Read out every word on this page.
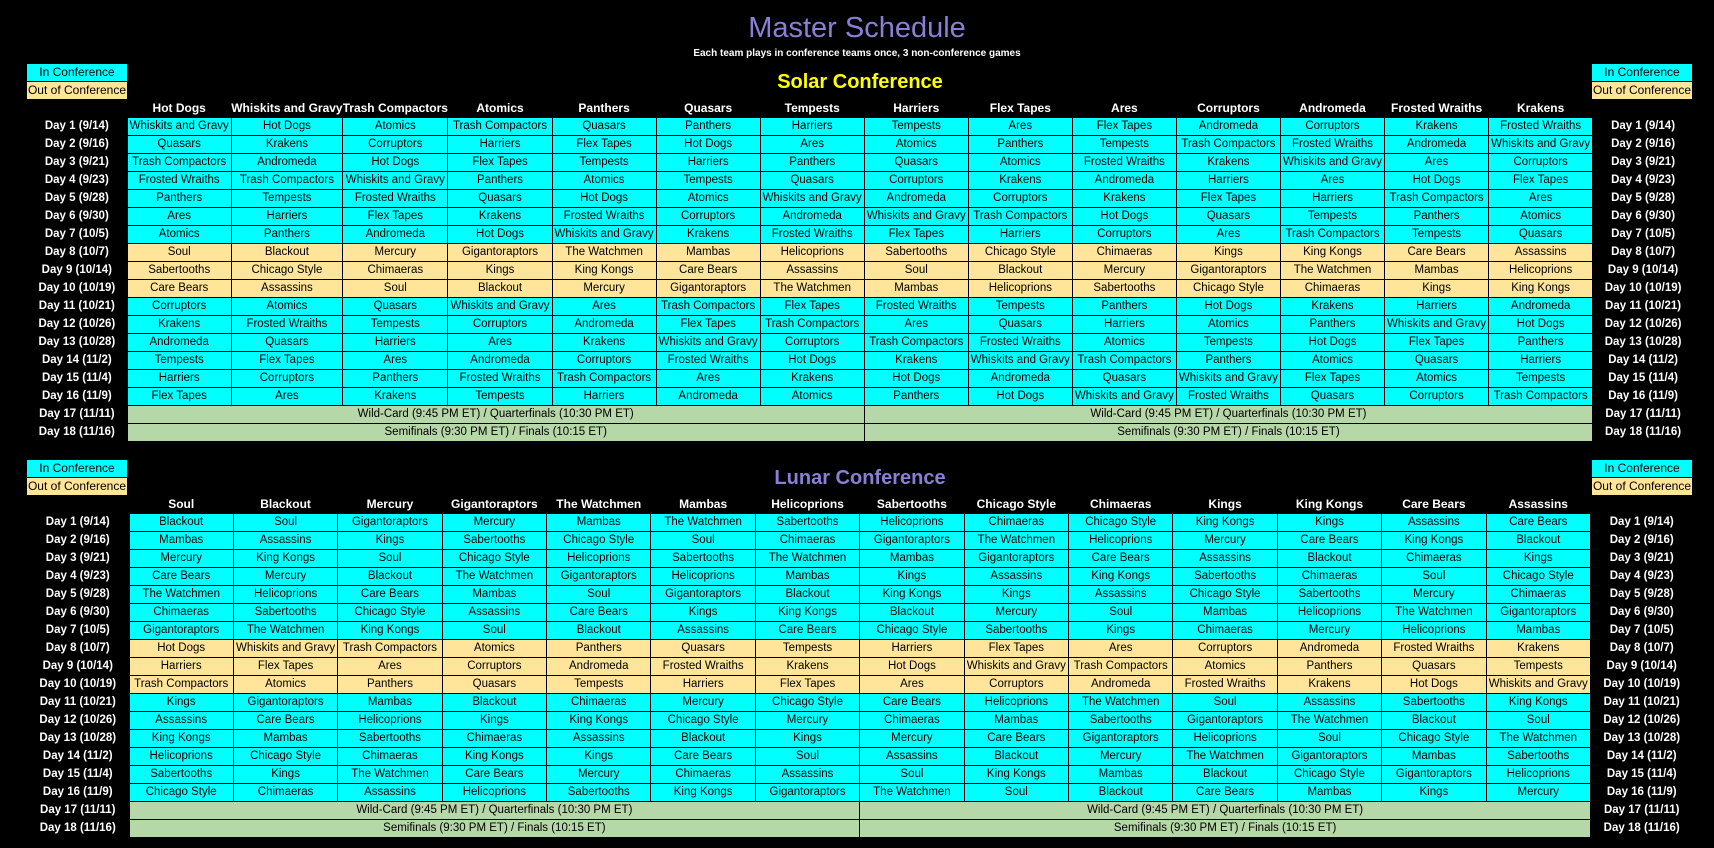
Master Schedule
Each team plays in conference teams once, 3 non-conference games
In Conference
Out of Conference
In Conference
Out of Conference
Solar Conference
	Hot Dogs	Whiskits and Gravy	Trash Compactors	Atomics	Panthers	Quasars	Tempests	Harriers	Flex Tapes	Ares	Corruptors	Andromeda	Frosted Wraiths	Krakens	
Day 1 (9/14)	Whiskits and Gravy	Hot Dogs	Atomics	Trash Compactors	Quasars	Panthers	Harriers	Tempests	Ares	Flex Tapes	Andromeda	Corruptors	Krakens	Frosted Wraiths	Day 1 (9/14)
Day 2 (9/16)	Quasars	Krakens	Corruptors	Harriers	Flex Tapes	Hot Dogs	Ares	Atomics	Panthers	Tempests	Trash Compactors	Frosted Wraiths	Andromeda	Whiskits and Gravy	Day 2 (9/16)
Day 3 (9/21)	Trash Compactors	Andromeda	Hot Dogs	Flex Tapes	Tempests	Harriers	Panthers	Quasars	Atomics	Frosted Wraiths	Krakens	Whiskits and Gravy	Ares	Corruptors	Day 3 (9/21)
Day 4 (9/23)	Frosted Wraiths	Trash Compactors	Whiskits and Gravy	Panthers	Atomics	Tempests	Quasars	Corruptors	Krakens	Andromeda	Harriers	Ares	Hot Dogs	Flex Tapes	Day 4 (9/23)
Day 5 (9/28)	Panthers	Tempests	Frosted Wraiths	Quasars	Hot Dogs	Atomics	Whiskits and Gravy	Andromeda	Corruptors	Krakens	Flex Tapes	Harriers	Trash Compactors	Ares	Day 5 (9/28)
Day 6 (9/30)	Ares	Harriers	Flex Tapes	Krakens	Frosted Wraiths	Corruptors	Andromeda	Whiskits and Gravy	Trash Compactors	Hot Dogs	Quasars	Tempests	Panthers	Atomics	Day 6 (9/30)
Day 7 (10/5)	Atomics	Panthers	Andromeda	Hot Dogs	Whiskits and Gravy	Krakens	Frosted Wraiths	Flex Tapes	Harriers	Corruptors	Ares	Trash Compactors	Tempests	Quasars	Day 7 (10/5)
Day 8 (10/7)	Soul	Blackout	Mercury	Gigantoraptors	The Watchmen	Mambas	Helicoprions	Sabertooths	Chicago Style	Chimaeras	Kings	King Kongs	Care Bears	Assassins	Day 8 (10/7)
Day 9 (10/14)	Sabertooths	Chicago Style	Chimaeras	Kings	King Kongs	Care Bears	Assassins	Soul	Blackout	Mercury	Gigantoraptors	The Watchmen	Mambas	Helicoprions	Day 9 (10/14)
Day 10 (10/19)	Care Bears	Assassins	Soul	Blackout	Mercury	Gigantoraptors	The Watchmen	Mambas	Helicoprions	Sabertooths	Chicago Style	Chimaeras	Kings	King Kongs	Day 10 (10/19)
Day 11 (10/21)	Corruptors	Atomics	Quasars	Whiskits and Gravy	Ares	Trash Compactors	Flex Tapes	Frosted Wraiths	Tempests	Panthers	Hot Dogs	Krakens	Harriers	Andromeda	Day 11 (10/21)
Day 12 (10/26)	Krakens	Frosted Wraiths	Tempests	Corruptors	Andromeda	Flex Tapes	Trash Compactors	Ares	Quasars	Harriers	Atomics	Panthers	Whiskits and Gravy	Hot Dogs	Day 12 (10/26)
Day 13 (10/28)	Andromeda	Quasars	Harriers	Ares	Krakens	Whiskits and Gravy	Corruptors	Trash Compactors	Frosted Wraiths	Atomics	Tempests	Hot Dogs	Flex Tapes	Panthers	Day 13 (10/28)
Day 14 (11/2)	Tempests	Flex Tapes	Ares	Andromeda	Corruptors	Frosted Wraiths	Hot Dogs	Krakens	Whiskits and Gravy	Trash Compactors	Panthers	Atomics	Quasars	Harriers	Day 14 (11/2)
Day 15 (11/4)	Harriers	Corruptors	Panthers	Frosted Wraiths	Trash Compactors	Ares	Krakens	Hot Dogs	Andromeda	Quasars	Whiskits and Gravy	Flex Tapes	Atomics	Tempests	Day 15 (11/4)
Day 16 (11/9)	Flex Tapes	Ares	Krakens	Tempests	Harriers	Andromeda	Atomics	Panthers	Hot Dogs	Whiskits and Gravy	Frosted Wraiths	Quasars	Corruptors	Trash Compactors	Day 16 (11/9)
Day 17 (11/11)	Wild-Card (9:45 PM ET) / Quarterfinals (10:30 PM ET)							Wild-Card (9:45 PM ET) / Quarterfinals (10:30 PM ET)							Day 17 (11/11)
Day 18 (11/16)	Semifinals (9:30 PM ET) / Finals (10:15 ET)							Semifinals (9:30 PM ET) / Finals (10:15 ET)							Day 18 (11/16)
In Conference
Out of Conference
In Conference
Out of Conference
Lunar Conference
	Soul	Blackout	Mercury	Gigantoraptors	The Watchmen	Mambas	Helicoprions	Sabertooths	Chicago Style	Chimaeras	Kings	King Kongs	Care Bears	Assassins	
Day 1 (9/14)	Blackout	Soul	Gigantoraptors	Mercury	Mambas	The Watchmen	Sabertooths	Helicoprions	Chimaeras	Chicago Style	King Kongs	Kings	Assassins	Care Bears	Day 1 (9/14)
Day 2 (9/16)	Mambas	Assassins	Kings	Sabertooths	Chicago Style	Soul	Chimaeras	Gigantoraptors	The Watchmen	Helicoprions	Mercury	Care Bears	King Kongs	Blackout	Day 2 (9/16)
Day 3 (9/21)	Mercury	King Kongs	Soul	Chicago Style	Helicoprions	Sabertooths	The Watchmen	Mambas	Gigantoraptors	Care Bears	Assassins	Blackout	Chimaeras	Kings	Day 3 (9/21)
Day 4 (9/23)	Care Bears	Mercury	Blackout	The Watchmen	Gigantoraptors	Helicoprions	Mambas	Kings	Assassins	King Kongs	Sabertooths	Chimaeras	Soul	Chicago Style	Day 4 (9/23)
Day 5 (9/28)	The Watchmen	Helicoprions	Care Bears	Mambas	Soul	Gigantoraptors	Blackout	King Kongs	Kings	Assassins	Chicago Style	Sabertooths	Mercury	Chimaeras	Day 5 (9/28)
Day 6 (9/30)	Chimaeras	Sabertooths	Chicago Style	Assassins	Care Bears	Kings	King Kongs	Blackout	Mercury	Soul	Mambas	Helicoprions	The Watchmen	Gigantoraptors	Day 6 (9/30)
Day 7 (10/5)	Gigantoraptors	The Watchmen	King Kongs	Soul	Blackout	Assassins	Care Bears	Chicago Style	Sabertooths	Kings	Chimaeras	Mercury	Helicoprions	Mambas	Day 7 (10/5)
Day 8 (10/7)	Hot Dogs	Whiskits and Gravy	Trash Compactors	Atomics	Panthers	Quasars	Tempests	Harriers	Flex Tapes	Ares	Corruptors	Andromeda	Frosted Wraiths	Krakens	Day 8 (10/7)
Day 9 (10/14)	Harriers	Flex Tapes	Ares	Corruptors	Andromeda	Frosted Wraiths	Krakens	Hot Dogs	Whiskits and Gravy	Trash Compactors	Atomics	Panthers	Quasars	Tempests	Day 9 (10/14)
Day 10 (10/19)	Trash Compactors	Atomics	Panthers	Quasars	Tempests	Harriers	Flex Tapes	Ares	Corruptors	Andromeda	Frosted Wraiths	Krakens	Hot Dogs	Whiskits and Gravy	Day 10 (10/19)
Day 11 (10/21)	Kings	Gigantoraptors	Mambas	Blackout	Chimaeras	Mercury	Chicago Style	Care Bears	Helicoprions	The Watchmen	Soul	Assassins	Sabertooths	King Kongs	Day 11 (10/21)
Day 12 (10/26)	Assassins	Care Bears	Helicoprions	Kings	King Kongs	Chicago Style	Mercury	Chimaeras	Mambas	Sabertooths	Gigantoraptors	The Watchmen	Blackout	Soul	Day 12 (10/26)
Day 13 (10/28)	King Kongs	Mambas	Sabertooths	Chimaeras	Assassins	Blackout	Kings	Mercury	Care Bears	Gigantoraptors	Helicoprions	Soul	Chicago Style	The Watchmen	Day 13 (10/28)
Day 14 (11/2)	Helicoprions	Chicago Style	Chimaeras	King Kongs	Kings	Care Bears	Soul	Assassins	Blackout	Mercury	The Watchmen	Gigantoraptors	Mambas	Sabertooths	Day 14 (11/2)
Day 15 (11/4)	Sabertooths	Kings	The Watchmen	Care Bears	Mercury	Chimaeras	Assassins	Soul	King Kongs	Mambas	Blackout	Chicago Style	Gigantoraptors	Helicoprions	Day 15 (11/4)
Day 16 (11/9)	Chicago Style	Chimaeras	Assassins	Helicoprions	Sabertooths	King Kongs	Gigantoraptors	The Watchmen	Soul	Blackout	Care Bears	Mambas	Kings	Mercury	Day 16 (11/9)
Day 17 (11/11)	Wild-Card (9:45 PM ET) / Quarterfinals (10:30 PM ET)							Wild-Card (9:45 PM ET) / Quarterfinals (10:30 PM ET)							Day 17 (11/11)
Day 18 (11/16)	Semifinals (9:30 PM ET) / Finals (10:15 ET)							Semifinals (9:30 PM ET) / Finals (10:15 ET)							Day 18 (11/16)
